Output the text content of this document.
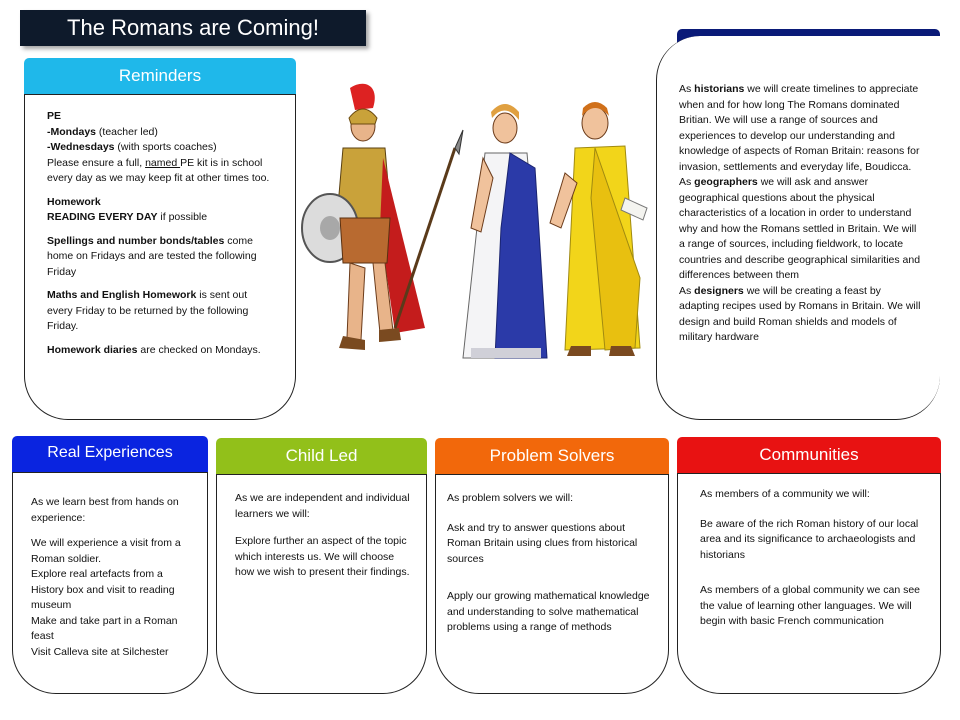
The Romans are Coming!
Reminders

PE
-Mondays (teacher led)
-Wednesdays (with sports coaches)
Please ensure a full, named PE kit is in school every day as we may keep fit at other times too.

Homework
READING EVERY DAY if possible

Spellings and number bonds/tables come home on Fridays and are tested the following Friday

Maths and English Homework is sent out every Friday to be returned by the following Friday.

Homework diaries are checked on Mondays.

As historians we will create timelines to appreciate when and for how long The Romans dominated Britian. We will use a range of sources and experiences to develop our understanding and knowledge of aspects of Roman Britain: reasons for invasion, settlements and everyday life, Boudicca.

As geographers we will ask and answer geographical questions about the physical characteristics of a location in order to understand why and how the Romans settled in Britain. We will a range of sources, including fieldwork, to locate countries and describe geographical similarities and differences between them

As designers we will be creating a feast by adapting recipes used by Romans in Britain. We will design and build Roman shields and models of military hardware

Real Experiences

As we learn best from hands on experience:

We will experience a visit from a Roman soldier.
Explore real artefacts from a History box and visit to reading museum
Make and take part in a Roman feast
Visit Calleva site at Silchester

Child Led

As we are independent and individual learners we will:

Explore further an aspect of the topic which interests us. We will choose how we wish to present their findings.

Problem Solvers

As problem solvers we will:

Ask and try to answer questions about Roman Britain using clues from historical sources

Apply our growing mathematical knowledge and understanding to solve mathematical problems using a range of methods

Communities

As members of a community we will:

Be aware of the rich Roman history of our local area and its significance to archaeologists and historians

As members of a global community we can see the value of learning other languages. We will begin with basic French communication
